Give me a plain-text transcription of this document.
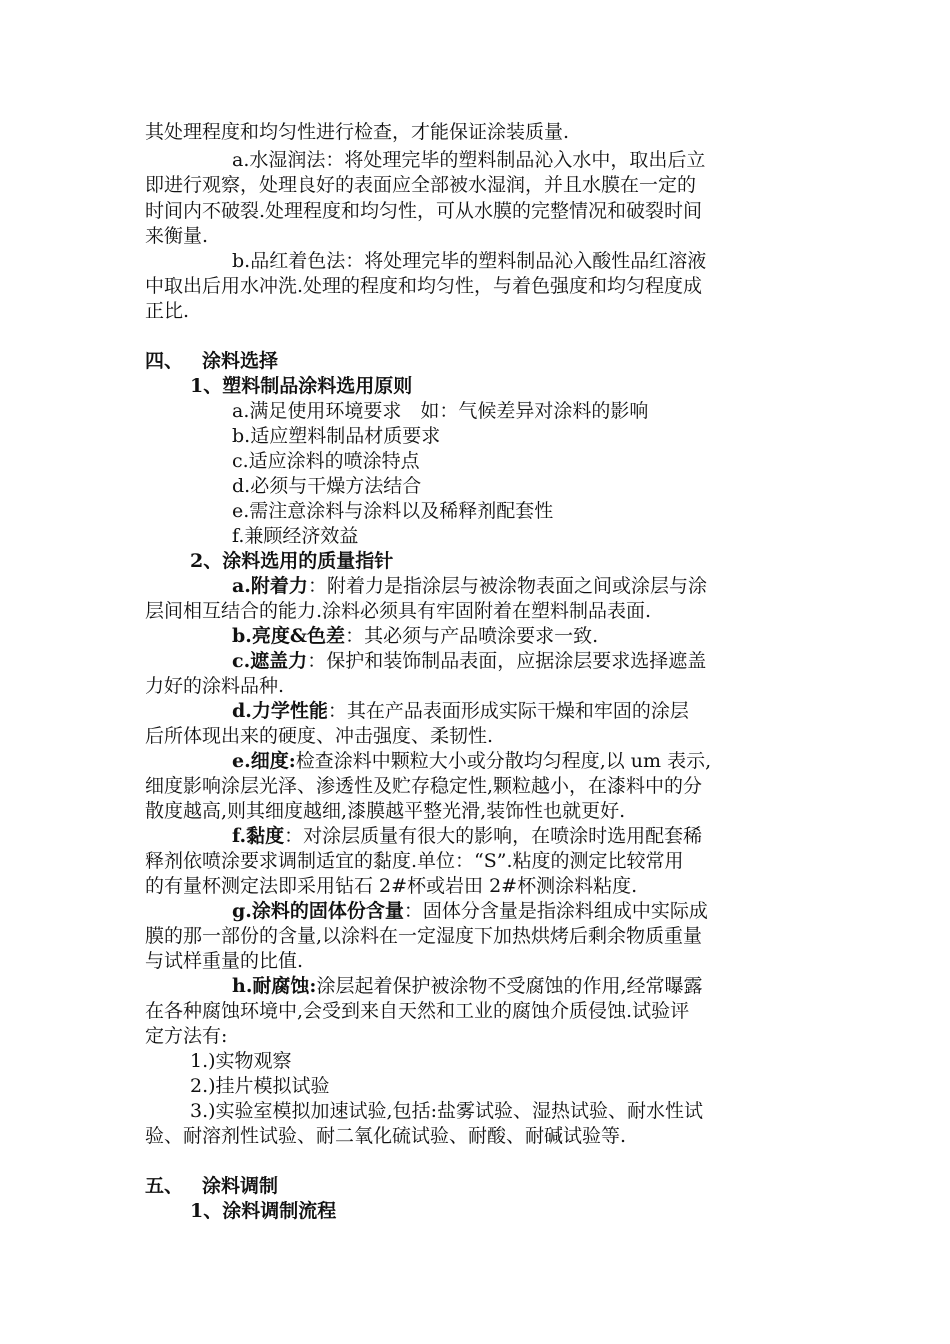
其处理程度和均匀性进行检查，才能保证涂装质量.
a.水湿润法：将处理完毕的塑料制品沁入水中，取出后立
即进行观察，处理良好的表面应全部被水湿润，并且水膜在一定的
时间内不破裂.处理程度和均匀性，可从水膜的完整情况和破裂时间
来衡量.
b.品红着色法：将处理完毕的塑料制品沁入酸性品红溶液
中取出后用水冲洗.处理的程度和均匀性，与着色强度和均匀程度成
正比.
四、 涂料选择
1、塑料制品涂料选用原则
a.满足使用环境要求　如：气候差异对涂料的影响
b.适应塑料制品材质要求
c.适应涂料的喷涂特点
d.必须与干燥方法结合
e.需注意涂料与涂料以及稀释剂配套性
f.兼顾经济效益
2、涂料选用的质量指针
a.附着力：附着力是指涂层与被涂物表面之间或涂层与涂
层间相互结合的能力.涂料必须具有牢固附着在塑料制品表面.
b.亮度&色差：其必须与产品喷涂要求一致.
c.遮盖力：保护和装饰制品表面，应据涂层要求选择遮盖
力好的涂料品种.
d.力学性能：其在产品表面形成实际干燥和牢固的涂层
后所体现出来的硬度、冲击强度、柔韧性.
e.细度:检查涂料中颗粒大小或分散均匀程度,以 um 表示,
细度影响涂层光泽、渗透性及贮存稳定性,颗粒越小，在漆料中的分
散度越高,则其细度越细,漆膜越平整光滑,装饰性也就更好.
f.黏度：对涂层质量有很大的影响，在喷涂时选用配套稀
释剂依喷涂要求调制适宜的黏度.单位：“S”.粘度的测定比较常用
的有量杯测定法即采用钻石 2#杯或岩田 2#杯测涂料粘度.
g.涂料的固体份含量：固体分含量是指涂料组成中实际成
膜的那一部份的含量,以涂料在一定湿度下加热烘烤后剩余物质重量
与试样重量的比值.
h.耐腐蚀:涂层起着保护被涂物不受腐蚀的作用,经常曝露
在各种腐蚀环境中,会受到来自天然和工业的腐蚀介质侵蚀.试验评
定方法有:
1.)实物观察
2.)挂片模拟试验
3.)实验室模拟加速试验,包括:盐雾试验、湿热试验、耐水性试
验、耐溶剂性试验、耐二氧化硫试验、耐酸、耐碱试验等.
五、 涂料调制
1、涂料调制流程
